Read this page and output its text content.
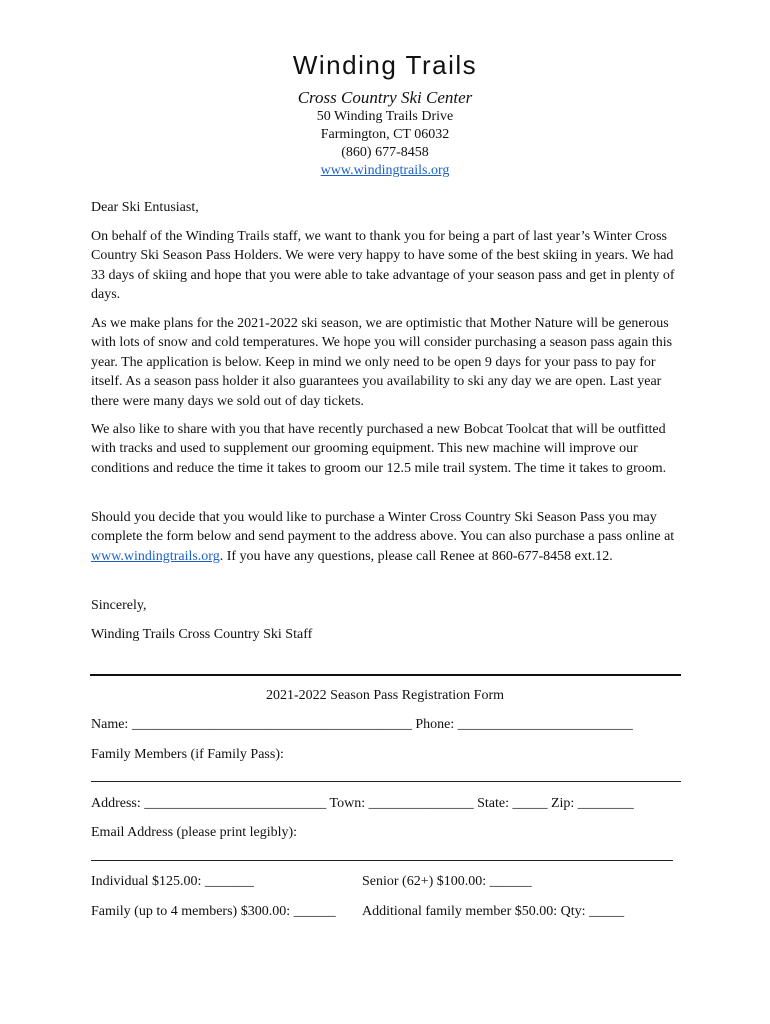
Winding Trails
Cross Country Ski Center
50 Winding Trails Drive
Farmington, CT 06032
(860) 677-8458
www.windingtrails.org
Dear Ski Entusiast,
On behalf of the Winding Trails staff, we want to thank you for being a part of last year’s Winter Cross Country Ski Season Pass Holders. We were very happy to have some of the best skiing in years. We had 33 days of skiing and hope that you were able to take advantage of your season pass and get in plenty of days.
As we make plans for the 2021-2022 ski season, we are optimistic that Mother Nature will be generous with lots of snow and cold temperatures. We hope you will consider purchasing a season pass again this year. The application is below. Keep in mind we only need to be open 9 days for your pass to pay for itself. As a season pass holder it also guarantees you availability to ski any day we are open. Last year there were many days we sold out of day tickets.
We also like to share with you that have recently purchased a new Bobcat Toolcat that will be outfitted with tracks and used to supplement our grooming equipment. This new machine will improve our conditions and reduce the time it takes to groom our 12.5 mile trail system. The time it takes to groom.
Should you decide that you would like to purchase a Winter Cross Country Ski Season Pass you may complete the form below and send payment to the address above. You can also purchase a pass online at www.windingtrails.org. If you have any questions, please call Renee at 860-677-8458 ext.12.
Sincerely,
Winding Trails Cross Country Ski Staff
2021-2022 Season Pass Registration Form
Name: ________________________________________ Phone: _________________________
Family Members (if Family Pass):
Address: __________________________ Town: _______________ State: _____ Zip: ________
Email Address (please print legibly):
Individual $125.00: _______	Senior (62+) $100.00: ______
Family (up to 4 members) $300.00: ______ Additional family member $50.00: Qty: _____
